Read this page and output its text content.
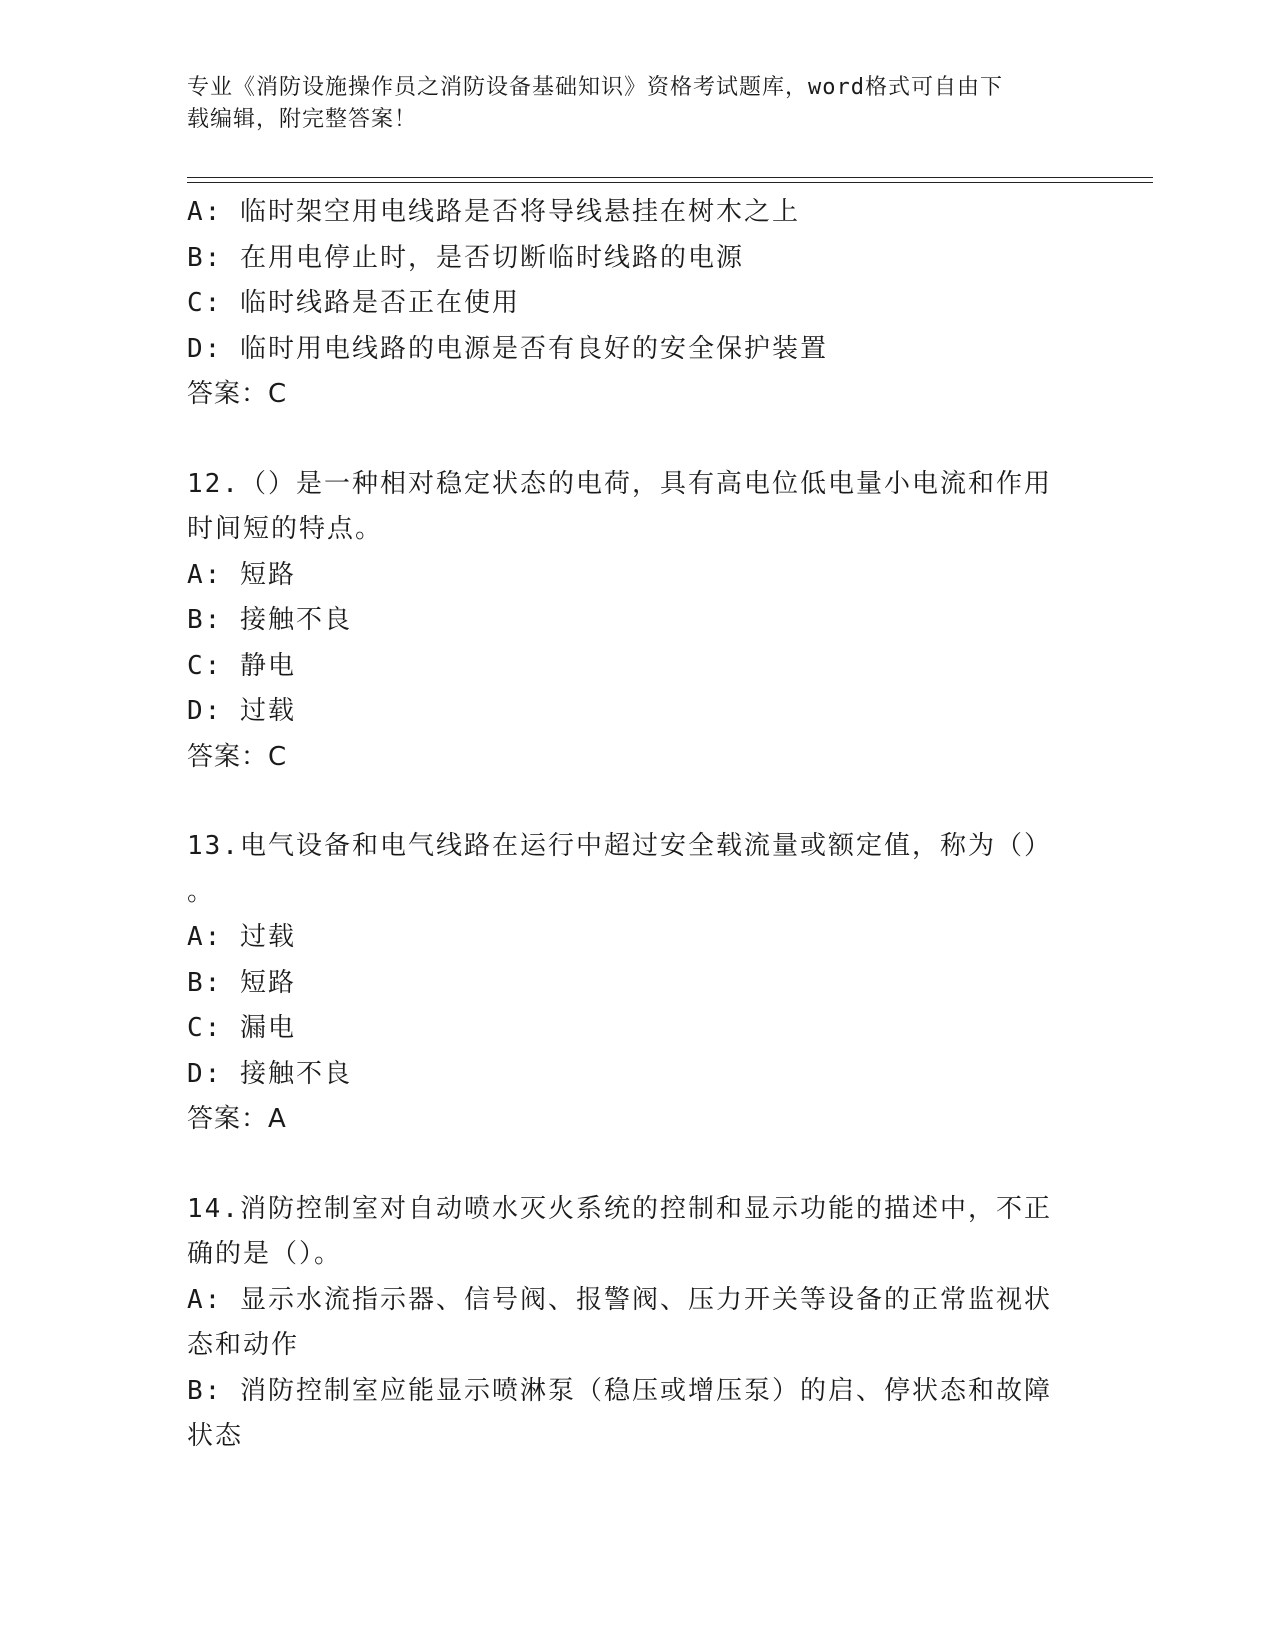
专业《消防设施操作员之消防设备基础知识》资格考试题库，word格式可自由下
载编辑，附完整答案！
A: 临时架空用电线路是否将导线悬挂在树木之上
B: 在用电停止时，是否切断临时线路的电源
C: 临时线路是否正在使用
D: 临时用电线路的电源是否有良好的安全保护装置
答案：C
12.（）是一种相对稳定状态的电荷，具有高电位低电量小电流和作用
时间短的特点。
A: 短路
B: 接触不良
C: 静电
D: 过载
答案：C
13.电气设备和电气线路在运行中超过安全载流量或额定值，称为（）
。
A: 过载
B: 短路
C: 漏电
D: 接触不良
答案：A
14.消防控制室对自动喷水灭火系统的控制和显示功能的描述中，不正
确的是（）。
A: 显示水流指示器、信号阀、报警阀、压力开关等设备的正常监视状
态和动作
B: 消防控制室应能显示喷淋泵（稳压或增压泵）的启、停状态和故障
状态
